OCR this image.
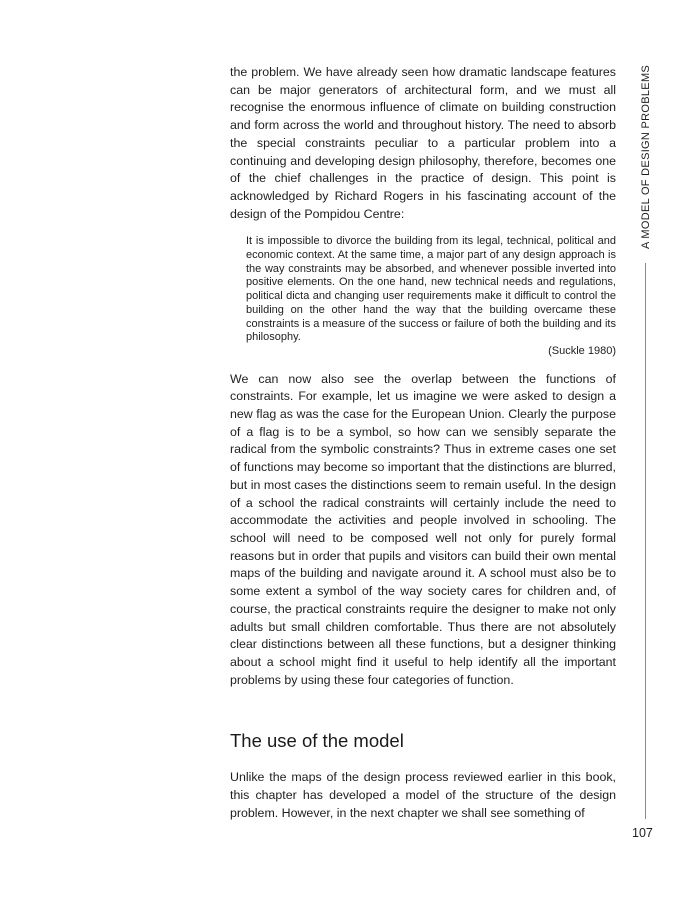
the problem. We have already seen how dramatic landscape features can be major generators of architectural form, and we must all recognise the enormous influence of climate on building construction and form across the world and throughout history. The need to absorb the special constraints peculiar to a particular problem into a continuing and developing design philosophy, therefore, becomes one of the chief challenges in the practice of design. This point is acknowledged by Richard Rogers in his fascinating account of the design of the Pompidou Centre:

It is impossible to divorce the building from its legal, technical, political and economic context. At the same time, a major part of any design approach is the way constraints may be absorbed, and whenever possible inverted into positive elements. On the one hand, new technical needs and regulations, political dicta and changing user requirements make it difficult to control the building on the other hand the way that the building overcame these constraints is a measure of the success or failure of both the building and its philosophy.

(Suckle 1980)

We can now also see the overlap between the functions of constraints. For example, let us imagine we were asked to design a new flag as was the case for the European Union. Clearly the purpose of a flag is to be a symbol, so how can we sensibly separate the radical from the symbolic constraints? Thus in extreme cases one set of functions may become so important that the distinctions are blurred, but in most cases the distinctions seem to remain useful. In the design of a school the radical constraints will certainly include the need to accommodate the activities and people involved in schooling. The school will need to be composed well not only for purely formal reasons but in order that pupils and visitors can build their own mental maps of the building and navigate around it. A school must also be to some extent a symbol of the way society cares for children and, of course, the practical constraints require the designer to make not only adults but small children comfortable. Thus there are not absolutely clear distinctions between all these functions, but a designer thinking about a school might find it useful to help identify all the important problems by using these four categories of function.

The use of the model

Unlike the maps of the design process reviewed earlier in this book, this chapter has developed a model of the structure of the design problem. However, in the next chapter we shall see something of

A MODEL OF DESIGN PROBLEMS
107
